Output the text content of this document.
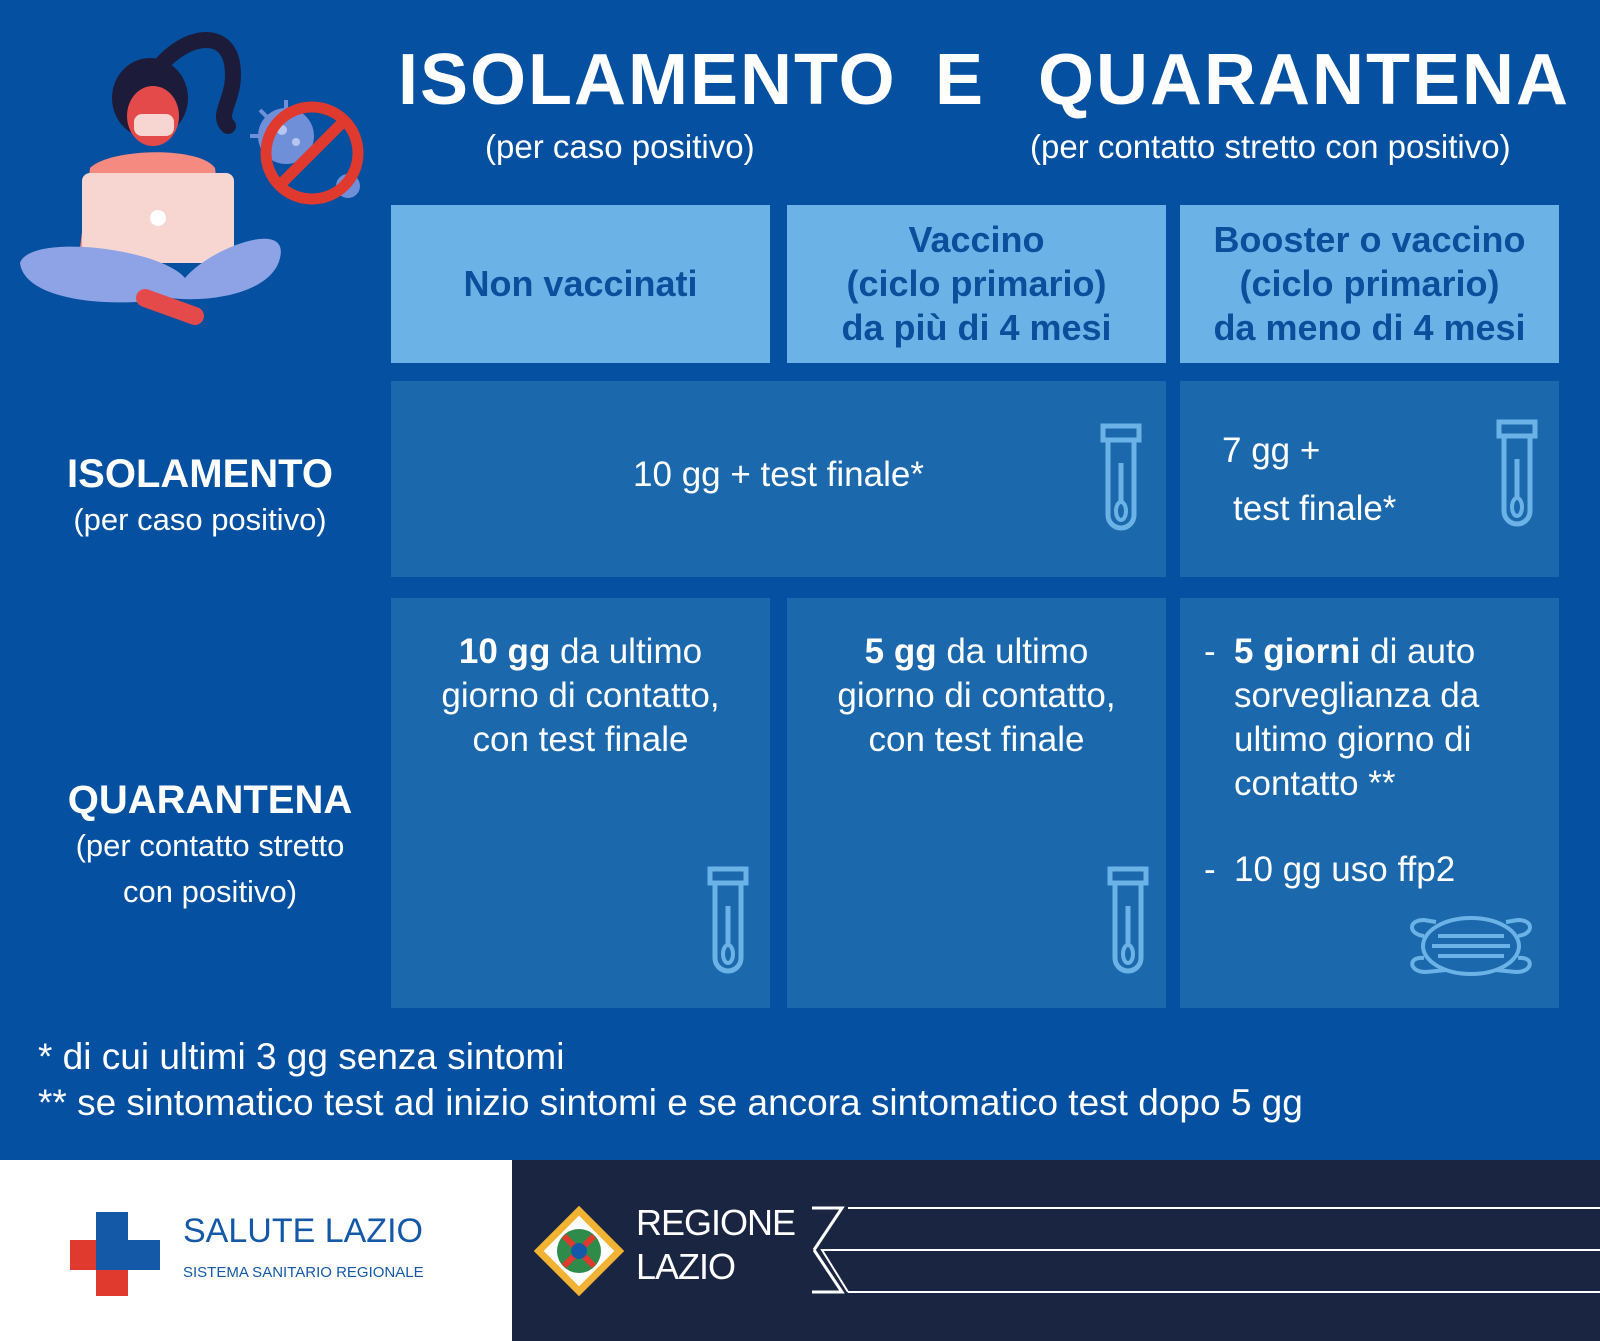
ISOLAMENTO E QUARANTENA
(per caso positivo)	(per contatto stretto con positivo)
Non vaccinati
Vaccino
(ciclo primario)
da più di 4 mesi
Booster o vaccino
(ciclo primario)
da meno di 4 mesi
ISOLAMENTO
(per caso positivo)
QUARANTENA
(per contatto stretto
con positivo)
10 gg + test finale*
7 gg +
test finale*
10 gg da ultimo
giorno di contatto,
con test finale
5 gg da ultimo
giorno di contatto,
con test finale
- 5 giorni di auto
sorveglianza da
ultimo giorno di
contatto **
- 10 gg uso ffp2
* di cui ultimi 3 gg senza sintomi
** se sintomatico test ad inizio sintomi e se ancora sintomatico test dopo 5 gg
SALUTE LAZIO
SISTEMA SANITARIO REGIONALE
REGIONE
LAZIO
